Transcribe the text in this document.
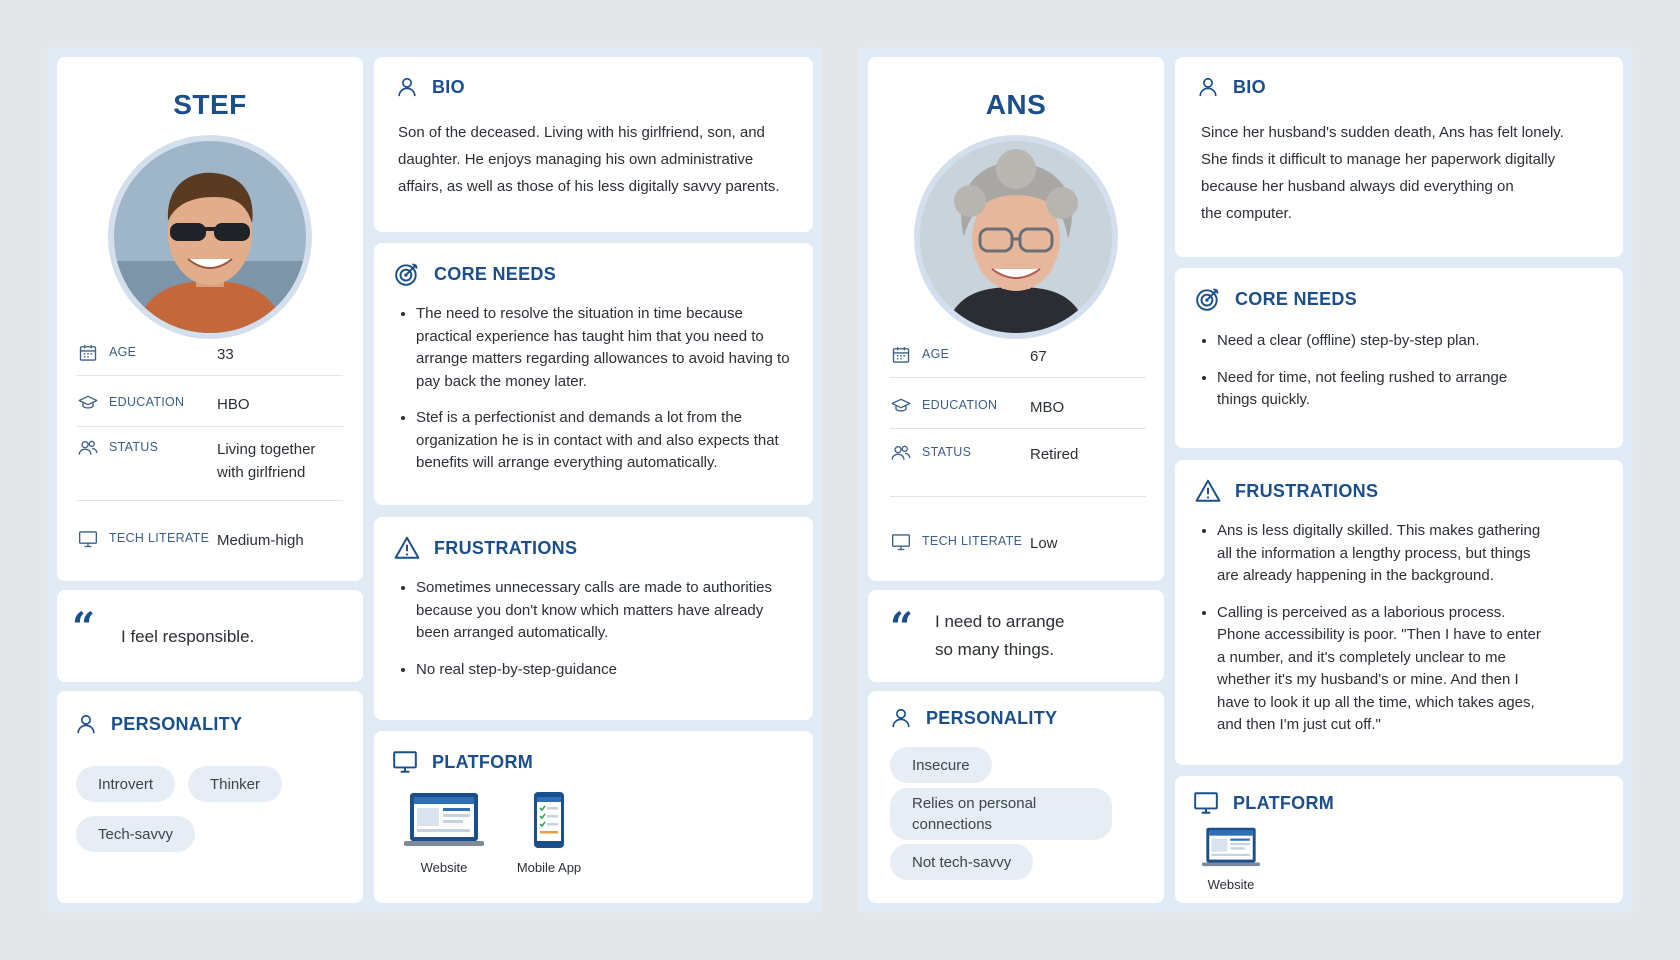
STEF
AGE	33
EDUCATION	HBO
STATUS	Living together
with girlfriend
TECH LITERATE Medium-high
“ I feel responsible.
PERSONALITY
Introvert	Thinker
Tech-savvy
BIO
Son of the deceased. Living with his girlfriend, son, and
daughter. He enjoys managing his own administrative
affairs, as well as those of his less digitally savvy parents.
CORE NEEDS
• The need to resolve the situation in time because practical experience has taught him that you need to arrange matters regarding allowances to avoid having to pay back the money later.
• Stef is a perfectionist and demands a lot from the organization he is in contact with and also expects that benefits will arrange everything automatically.
FRUSTRATIONS
• Sometimes unnecessary calls are made to authorities because you don't know which matters have already been arranged automatically.
• No real step-by-step-guidance
PLATFORM
Website	Mobile App
ANS
AGE	67
EDUCATION	MBO
STATUS	Retired
TECH LITERATE Low
“ I need to arrange
so many things.
PERSONALITY
Insecure
Relies on personal connections
Not tech-savvy
BIO
Since her husband's sudden death, Ans has felt lonely.
She finds it difficult to manage her paperwork digitally
because her husband always did everything on
the computer.
CORE NEEDS
• Need a clear (offline) step-by-step plan.
• Need for time, not feeling rushed to arrange things quickly.
FRUSTRATIONS
• Ans is less digitally skilled. This makes gathering all the information a lengthy process, but things are already happening in the background.
• Calling is perceived as a laborious process. Phone accessibility is poor. "Then I have to enter a number, and it's completely unclear to me whether it's my husband's or mine. And then I have to look it up all the time, which takes ages, and then I'm just cut off."
PLATFORM
Website
